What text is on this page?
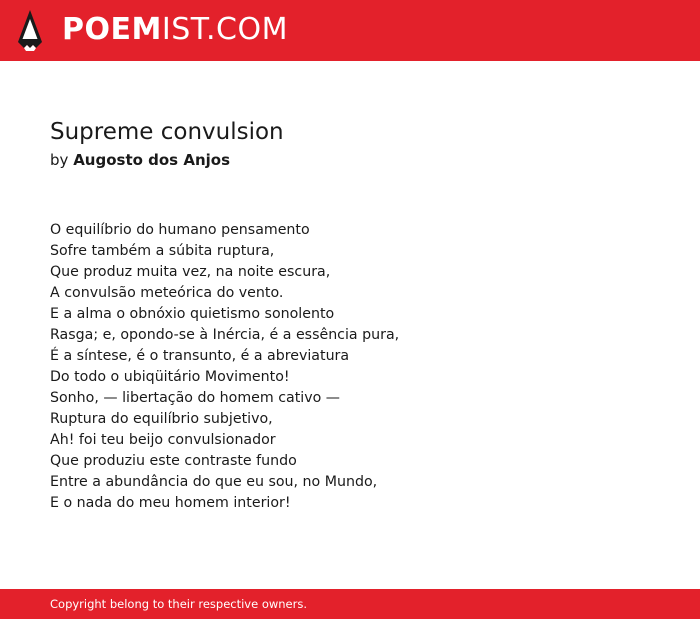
POEMIST.COM
Supreme convulsion
by Augosto dos Anjos
O equilíbrio do humano pensamento
Sofre também a súbita ruptura,
Que produz muita vez, na noite escura,
A convulsão meteórica do vento.
E a alma o obnóxio quietismo sonolento
Rasga; e, opondo-se à Inércia, é a essência pura,
É a síntese, é o transunto, é a abreviatura
Do todo o ubiqüitário Movimento!
Sonho, — libertação do homem cativo —
Ruptura do equilíbrio subjetivo,
Ah! foi teu beijo convulsionador
Que produziu este contraste fundo
Entre a abundância do que eu sou, no Mundo,
E o nada do meu homem interior!
Copyright belong to their respective owners.
